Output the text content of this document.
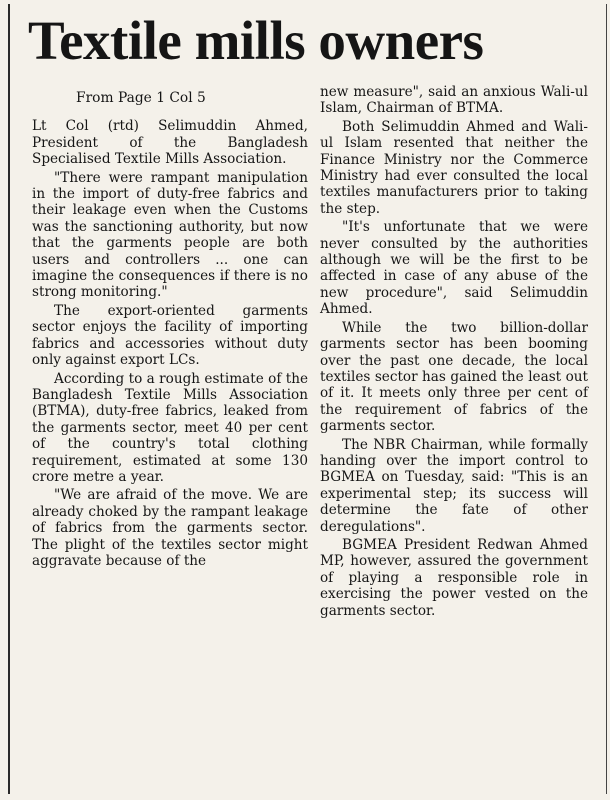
Textile mills owners
From Page 1 Col 5

Lt Col (rtd) Selimuddin Ahmed, President of the Bangladesh Specialised Textile Mills Association.

"There were rampant manipulation in the import of duty-free fabrics and their leakage even when the Customs was the sanctioning authority, but now that the garments people are both users and controllers ... one can imagine the consequences if there is no strong monitoring."

The export-oriented garments sector enjoys the facility of importing fabrics and accessories without duty only against export LCs.

According to a rough estimate of the Bangladesh Textile Mills Association (BTMA), duty-free fabrics, leaked from the garments sector, meet 40 per cent of the country's total clothing requirement, estimated at some 130 crore metre a year.

"We are afraid of the move. We are already choked by the rampant leakage of fabrics from the garments sector. The plight of the textiles sector might aggravate because of the

new measure", said an anxious Wali-ul Islam, Chairman of BTMA.

Both Selimuddin Ahmed and Wali-ul Islam resented that neither the Finance Ministry nor the Commerce Ministry had ever consulted the local textiles manufacturers prior to taking the step.

"It's unfortunate that we were never consulted by the authorities although we will be the first to be affected in case of any abuse of the new procedure", said Selimuddin Ahmed.

While the two billion-dollar garments sector has been booming over the past one decade, the local textiles sector has gained the least out of it. It meets only three per cent of the requirement of fabrics of the garments sector.

The NBR Chairman, while formally handing over the import control to BGMEA on Tuesday, said: "This is an experimental step; its success will determine the fate of other deregulations".

BGMEA President Redwan Ahmed MP, however, assured the government of playing a responsible role in exercising the power vested on the garments sector.
